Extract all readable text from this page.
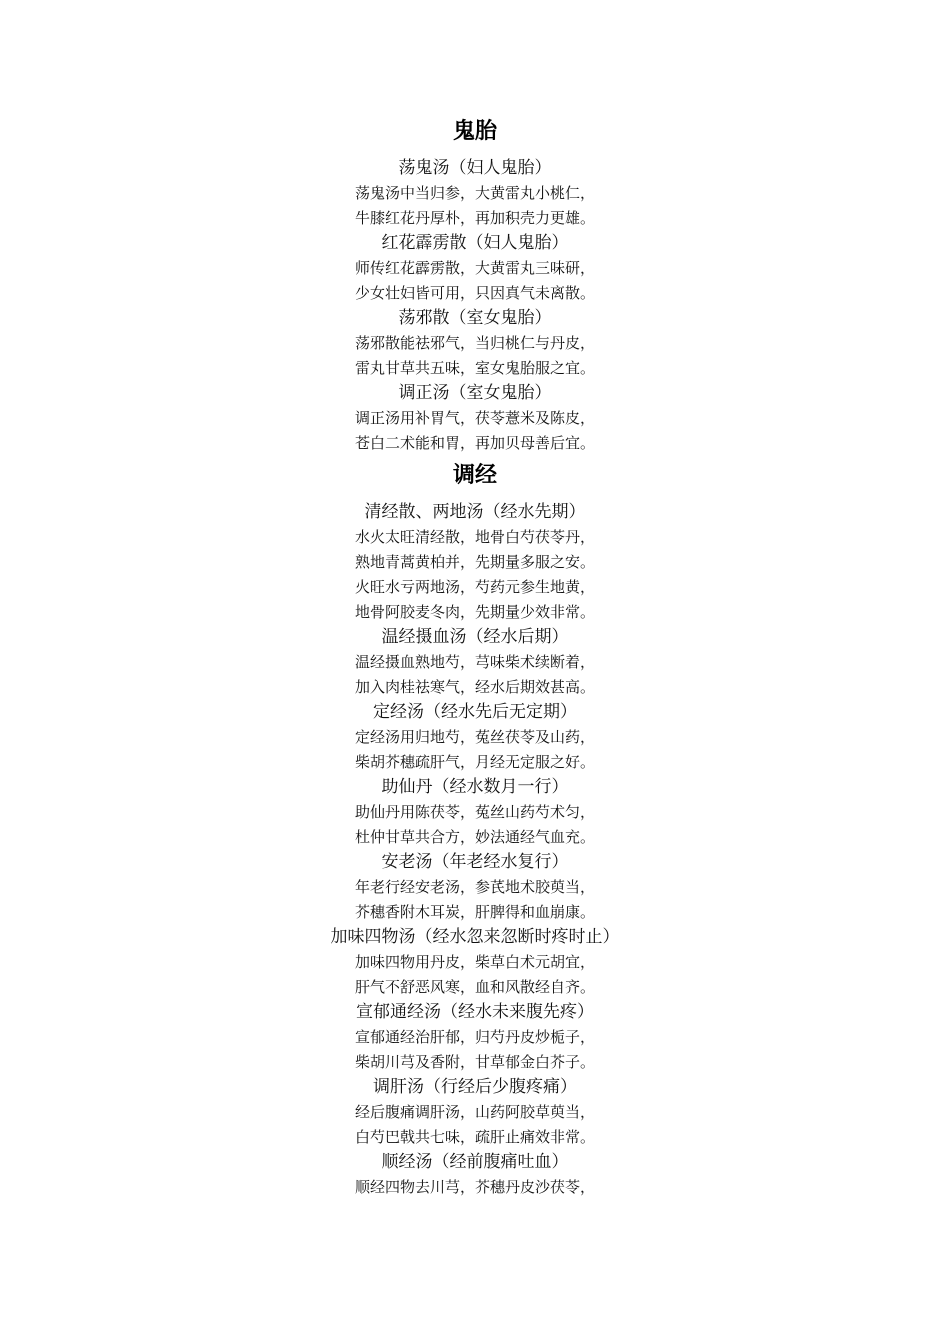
鬼胎
荡鬼汤（妇人鬼胎）
荡鬼汤中当归参，大黄雷丸小桃仁，
牛膝红花丹厚朴，再加积壳力更雄。
红花霹雳散（妇人鬼胎）
师传红花霹雳散，大黄雷丸三味研，
少女壮妇皆可用，只因真气未离散。
荡邪散（室女鬼胎）
荡邪散能祛邪气，当归桃仁与丹皮，
雷丸甘草共五味，室女鬼胎服之宜。
调正汤（室女鬼胎）
调正汤用补胃气，茯苓薏米及陈皮，
苍白二术能和胃，再加贝母善后宜。
调经
清经散、两地汤（经水先期）
水火太旺清经散，地骨白芍茯苓丹，
熟地青蒿黄柏并，先期量多服之安。
火旺水亏两地汤，芍药元参生地黄，
地骨阿胶麦冬肉，先期量少效非常。
温经摄血汤（经水后期）
温经摄血熟地芍，芎味柴术续断着，
加入肉桂祛寒气，经水后期效甚高。
定经汤（经水先后无定期）
定经汤用归地芍，菟丝茯苓及山药，
柴胡芥穗疏肝气，月经无定服之好。
助仙丹（经水数月一行）
助仙丹用陈茯苓，菟丝山药芍术匀，
杜仲甘草共合方，妙法通经气血充。
安老汤（年老经水复行）
年老行经安老汤，参芪地术胶萸当，
芥穗香附木耳炭，肝脾得和血崩康。
加味四物汤（经水忽来忽断时疼时止）
加味四物用丹皮，柴草白术元胡宜，
肝气不舒恶风寒，血和风散经自齐。
宣郁通经汤（经水未来腹先疼）
宣郁通经治肝郁，归芍丹皮炒栀子，
柴胡川芎及香附，甘草郁金白芥子。
调肝汤（行经后少腹疼痛）
经后腹痛调肝汤，山药阿胶草萸当，
白芍巴戟共七味，疏肝止痛效非常。
顺经汤（经前腹痛吐血）
顺经四物去川芎，芥穗丹皮沙茯苓，
